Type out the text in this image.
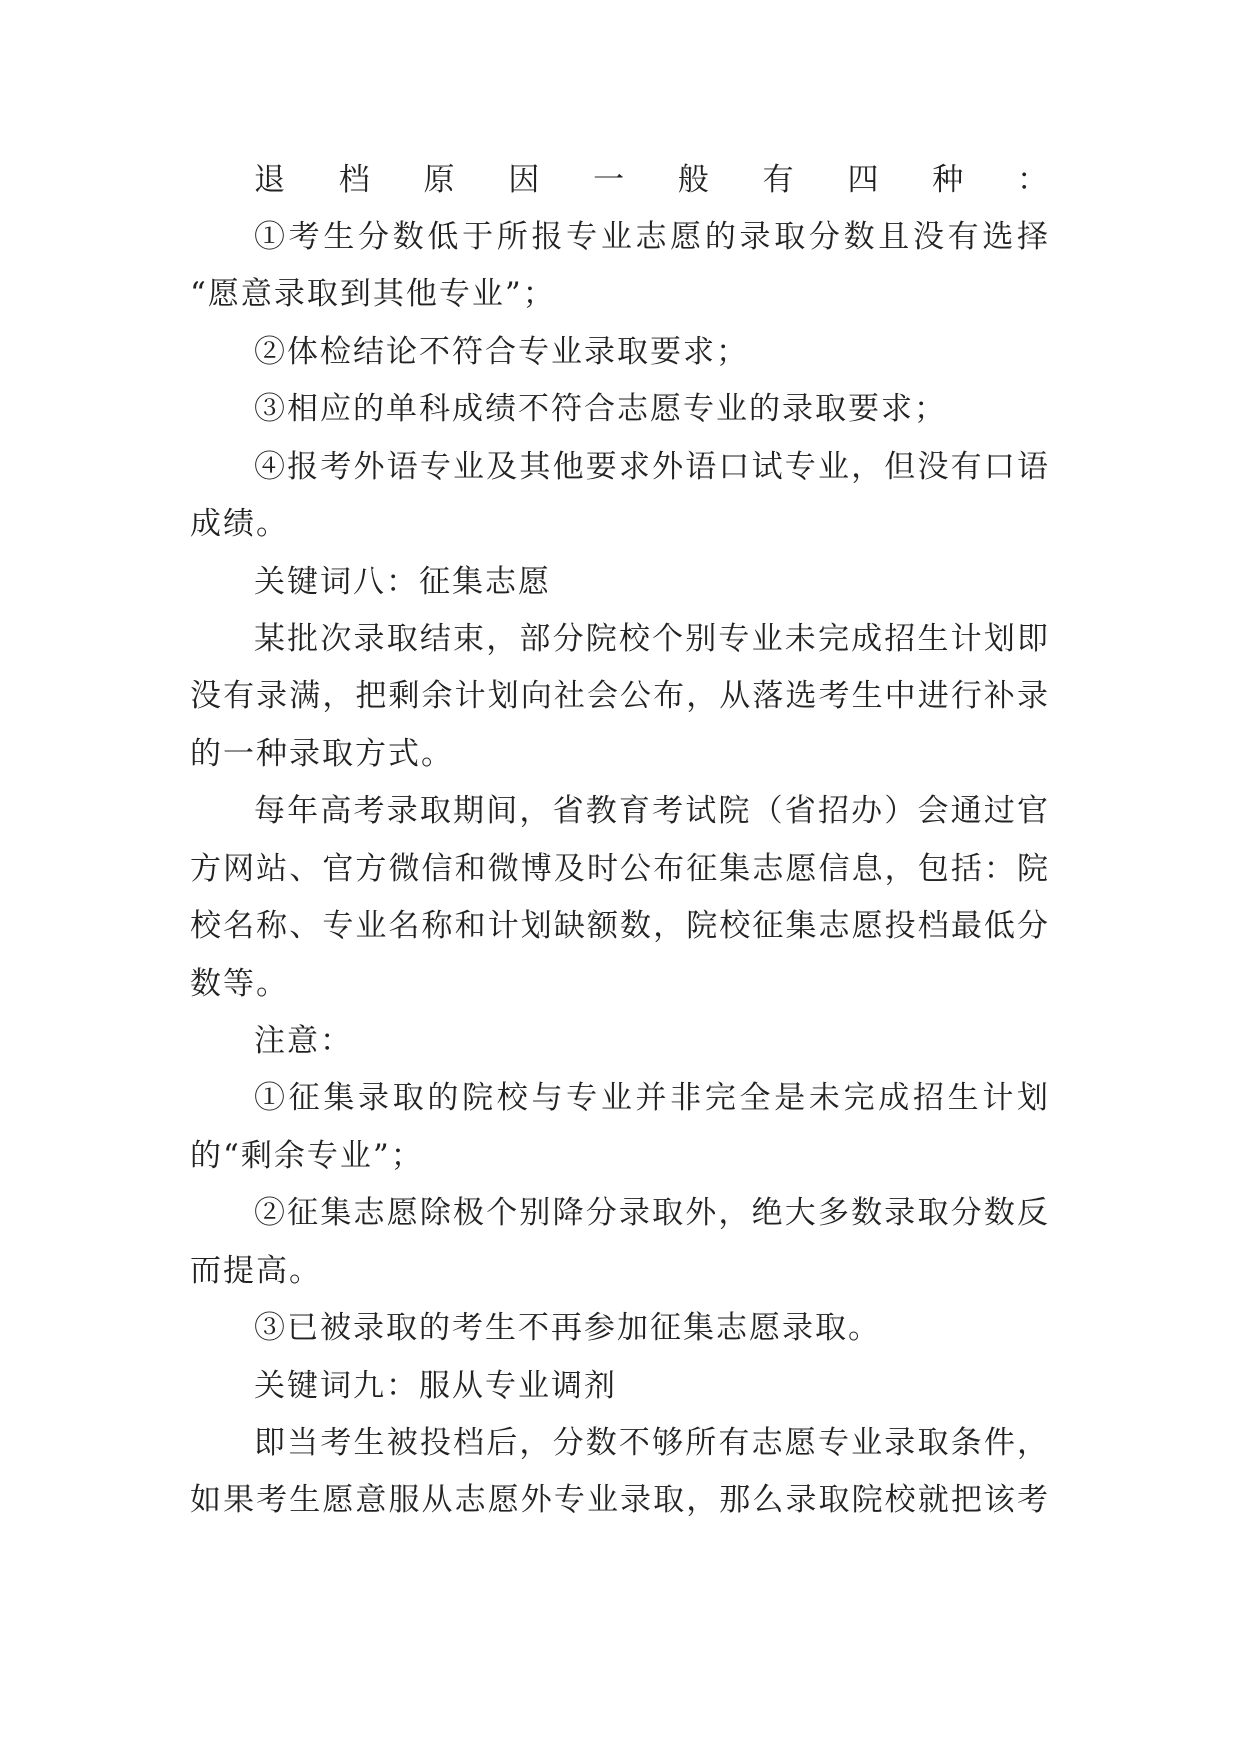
退档原因一般有四种：
①考生分数低于所报专业志愿的录取分数且没有选择
“愿意录取到其他专业”；
②体检结论不符合专业录取要求；
③相应的单科成绩不符合志愿专业的录取要求；
④报考外语专业及其他要求外语口试专业，但没有口语
成绩。
关键词八：征集志愿
某批次录取结束，部分院校个别专业未完成招生计划即
没有录满，把剩余计划向社会公布，从落选考生中进行补录
的一种录取方式。
每年高考录取期间，省教育考试院（省招办）会通过官
方网站、官方微信和微博及时公布征集志愿信息，包括：院
校名称、专业名称和计划缺额数，院校征集志愿投档最低分
数等。
注意：
①征集录取的院校与专业并非完全是未完成招生计划
的“剩余专业”；
②征集志愿除极个别降分录取外，绝大多数录取分数反
而提高。
③已被录取的考生不再参加征集志愿录取。
关键词九：服从专业调剂
即当考生被投档后，分数不够所有志愿专业录取条件，
如果考生愿意服从志愿外专业录取，那么录取院校就把该考
